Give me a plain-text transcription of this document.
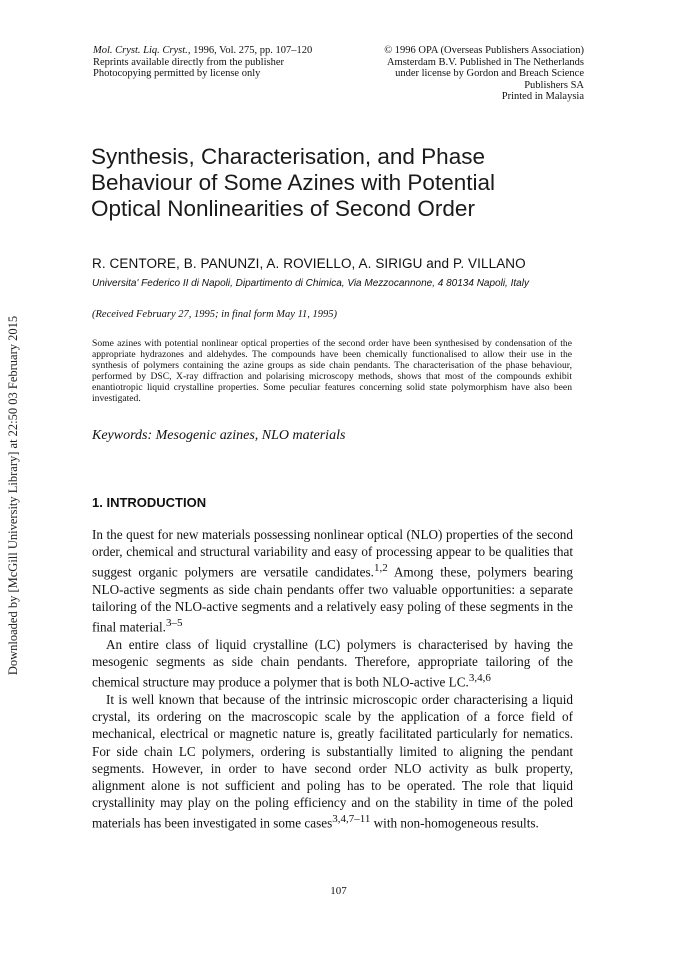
Downloaded by [McGill University Library] at 22:50 03 February 2015
Mol. Cryst. Liq. Cryst., 1996, Vol. 275, pp. 107–120
Reprints available directly from the publisher
Photocopying permitted by license only
© 1996 OPA (Overseas Publishers Association)
Amsterdam B.V. Published in The Netherlands
under license by Gordon and Breach Science
Publishers SA
Printed in Malaysia
Synthesis, Characterisation, and Phase
Behaviour of Some Azines with Potential
Optical Nonlinearities of Second Order
R. CENTORE, B. PANUNZI, A. ROVIELLO, A. SIRIGU and P. VILLANO
Universita' Federico II di Napoli, Dipartimento di Chimica, Via Mezzocannone, 4 80134 Napoli, Italy
(Received February 27, 1995; in final form May 11, 1995)
Some azines with potential nonlinear optical properties of the second order have been synthesised by condensation of the appropriate hydrazones and aldehydes. The compounds have been chemically functionalised to allow their use in the synthesis of polymers containing the azine groups as side chain pendants. The characterisation of the phase behaviour, performed by DSC, X-ray diffraction and polarising microscopy methods, shows that most of the compounds exhibit enantiotropic liquid crystalline properties. Some peculiar features concerning solid state polymorphism have also been investigated.
Keywords: Mesogenic azines, NLO materials
1. INTRODUCTION

In the quest for new materials possessing nonlinear optical (NLO) properties of the second order, chemical and structural variability and easy of processing appear to be qualities that suggest organic polymers are versatile candidates.$^{1,2}$ Among these, polymers bearing NLO-active segments as side chain pendants offer two valuable opportunities: a separate tailoring of the NLO-active segments and a relatively easy poling of these segments in the final material.$^{3-5}$

An entire class of liquid crystalline (LC) polymers is characterised by having the mesogenic segments as side chain pendants. Therefore, appropriate tailoring of the chemical structure may produce a polymer that is both NLO-active LC.$^{3,4,6}$

It is well known that because of the intrinsic microscopic order characterising a liquid crystal, its ordering on the macroscopic scale by the application of a force field of mechanical, electrical or magnetic nature is, greatly facilitated particularly for nematics. For side chain LC polymers, ordering is substantially limited to aligning the pendant segments. However, in order to have second order NLO activity as bulk property, alignment alone is not sufficient and poling has to be operated. The role that liquid crystallinity may play on the poling efficiency and on the stability in time of the poled materials has been investigated in some cases$^{3,4,7-11}$ with non-homogeneous results.

107
